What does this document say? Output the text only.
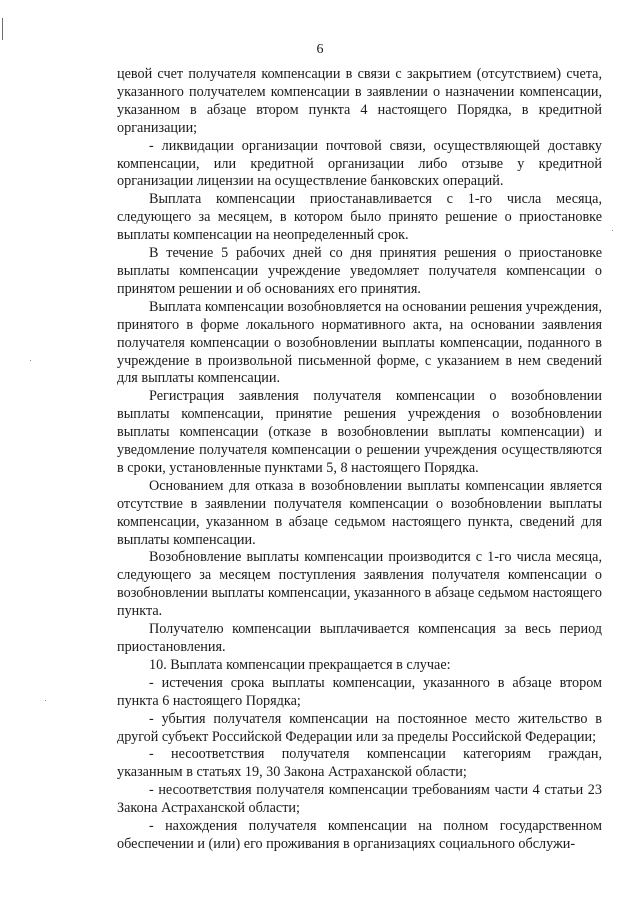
6

цевой счет получателя компенсации в связи с закрытием (отсутствием) счета, указанного получателем компенсации в заявлении о назначении компенсации, указанном в абзаце втором пункта 4 настоящего Порядка, в кредитной организации;

- ликвидации организации почтовой связи, осуществляющей доставку компенсации, или кредитной организации либо отзыве у кредитной организации лицензии на осуществление банковских операций.

Выплата компенсации приостанавливается с 1-го числа месяца, следующего за месяцем, в котором было принято решение о приостановке выплаты компенсации на неопределенный срок.

В течение 5 рабочих дней со дня принятия решения о приостановке выплаты компенсации учреждение уведомляет получателя компенсации о принятом решении и об основаниях его принятия.

Выплата компенсации возобновляется на основании решения учреждения, принятого в форме локального нормативного акта, на основании заявления получателя компенсации о возобновлении выплаты компенсации, поданного в учреждение в произвольной письменной форме, с указанием в нем сведений для выплаты компенсации.

Регистрация заявления получателя компенсации о возобновлении выплаты компенсации, принятие решения учреждения о возобновлении выплаты компенсации (отказе в возобновлении выплаты компенсации) и уведомление получателя компенсации о решении учреждения осуществляются в сроки, установленные пунктами 5, 8 настоящего Порядка.

Основанием для отказа в возобновлении выплаты компенсации является отсутствие в заявлении получателя компенсации о возобновлении выплаты компенсации, указанном в абзаце седьмом настоящего пункта, сведений для выплаты компенсации.

Возобновление выплаты компенсации производится с 1-го числа месяца, следующего за месяцем поступления заявления получателя компенсации о возобновлении выплаты компенсации, указанного в абзаце седьмом настоящего пункта.

Получателю компенсации выплачивается компенсация за весь период приостановления.

10. Выплата компенсации прекращается в случае:

- истечения срока выплаты компенсации, указанного в абзаце втором пункта 6 настоящего Порядка;

- убытия получателя компенсации на постоянное место жительство в другой субъект Российской Федерации или за пределы Российской Федерации;

- несоответствия получателя компенсации категориям граждан, указанным в статьях 19, 30 Закона Астраханской области;

- несоответствия получателя компенсации требованиям части 4 статьи 23 Закона Астраханской области;

- нахождения получателя компенсации на полном государственном обеспечении и (или) его проживания в организациях социального обслужи-
